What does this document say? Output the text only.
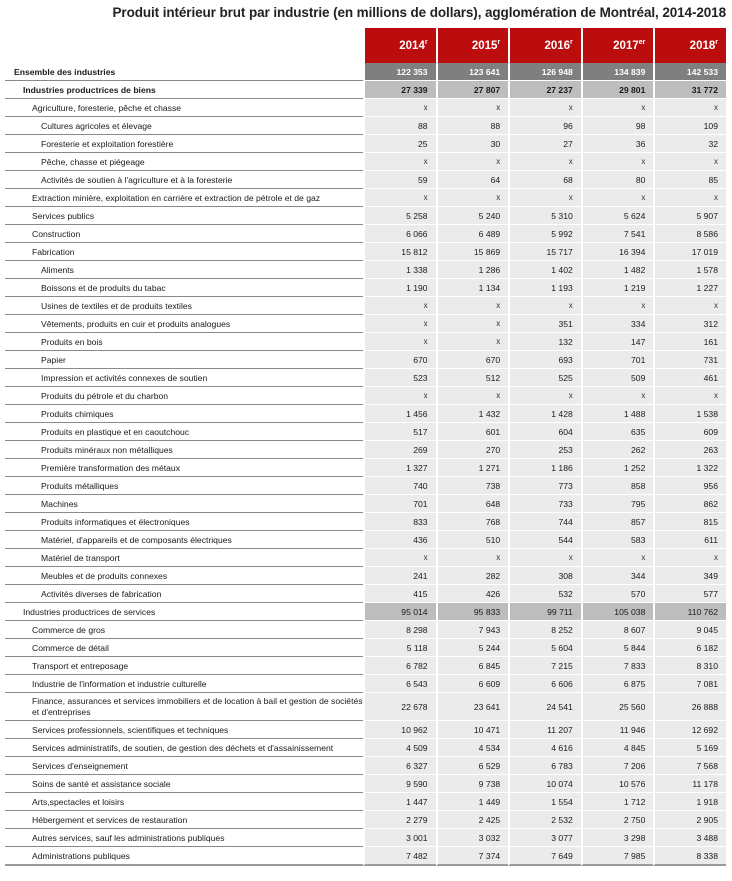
Produit intérieur brut par industrie (en millions de dollars), agglomération de Montréal, 2014-2018
	2014$^r$	2015$^r$	2016$^r$	2017er	2018$^r$
Ensemble des industries	122 353	123 641	126 948	134 839	142 533
Industries productrices de biens	27 339	27 807	27 237	29 801	31 772
Agriculture, foresterie, pêche et chasse	x	x	x	x	x
Cultures agricoles et élevage	88	88	96	98	109
Foresterie et exploitation forestière	25	30	27	36	32
Pêche, chasse et piégeage	x	x	x	x	x
Activités de soutien à l'agriculture et à la foresterie	59	64	68	80	85
Extraction minière, exploitation en carrière et extraction de pétrole et de gaz	x	x	x	x	x
Services publics	5 258	5 240	5 310	5 624	5 907
Construction	6 066	6 489	5 992	7 541	8 586
Fabrication	15 812	15 869	15 717	16 394	17 019
Aliments	1 338	1 286	1 402	1 482	1 578
Boissons et de produits du tabac	1 190	1 134	1 193	1 219	1 227
Usines de textiles et de produits textiles	x	x	x	x	x
Vêtements, produits en cuir et produits analogues	x	x	351	334	312
Produits en bois	x	x	132	147	161
Papier	670	670	693	701	731
Impression et activités connexes de soutien	523	512	525	509	461
Produits du pétrole et du charbon	x	x	x	x	x
Produits chimiques	1 456	1 432	1 428	1 488	1 538
Produits en plastique et en caoutchouc	517	601	604	635	609
Produits minéraux non métalliques	269	270	253	262	263
Première transformation des métaux	1 327	1 271	1 186	1 252	1 322
Produits métalliques	740	738	773	858	956
Machines	701	648	733	795	862
Produits informatiques et électroniques	833	768	744	857	815
Matériel, d'appareils et de composants électriques	436	510	544	583	611
Matériel de transport	x	x	x	x	x
Meubles et de produits connexes	241	282	308	344	349
Activités diverses de fabrication	415	426	532	570	577
Industries productrices de services	95 014	95 833	99 711	105 038	110 762
Commerce de gros	8 298	7 943	8 252	8 607	9 045
Commerce de détail	5 118	5 244	5 604	5 844	6 182
Transport et entreposage	6 782	6 845	7 215	7 833	8 310
Industrie de l'information et industrie culturelle	6 543	6 609	6 606	6 875	7 081
Finance, assurances et services immobiliers et de location à bail et gestion de sociétés et d'entreprises	22 678	23 641	24 541	25 560	26 888
Services professionnels, scientifiques et techniques	10 962	10 471	11 207	11 946	12 692
Services administratifs, de soutien, de gestion des déchets et d'assainissement	4 509	4 534	4 616	4 845	5 169
Services d'enseignement	6 327	6 529	6 783	7 206	7 568
Soins de santé et assistance sociale	9 590	9 738	10 074	10 576	11 178
Arts,spectacles et loisirs	1 447	1 449	1 554	1 712	1 918
Hébergement et services de restauration	2 279	2 425	2 532	2 750	2 905
Autres services, sauf les administrations publiques	3 001	3 032	3 077	3 298	3 488
Administrations publiques	7 482	7 374	7 649	7 985	8 338
